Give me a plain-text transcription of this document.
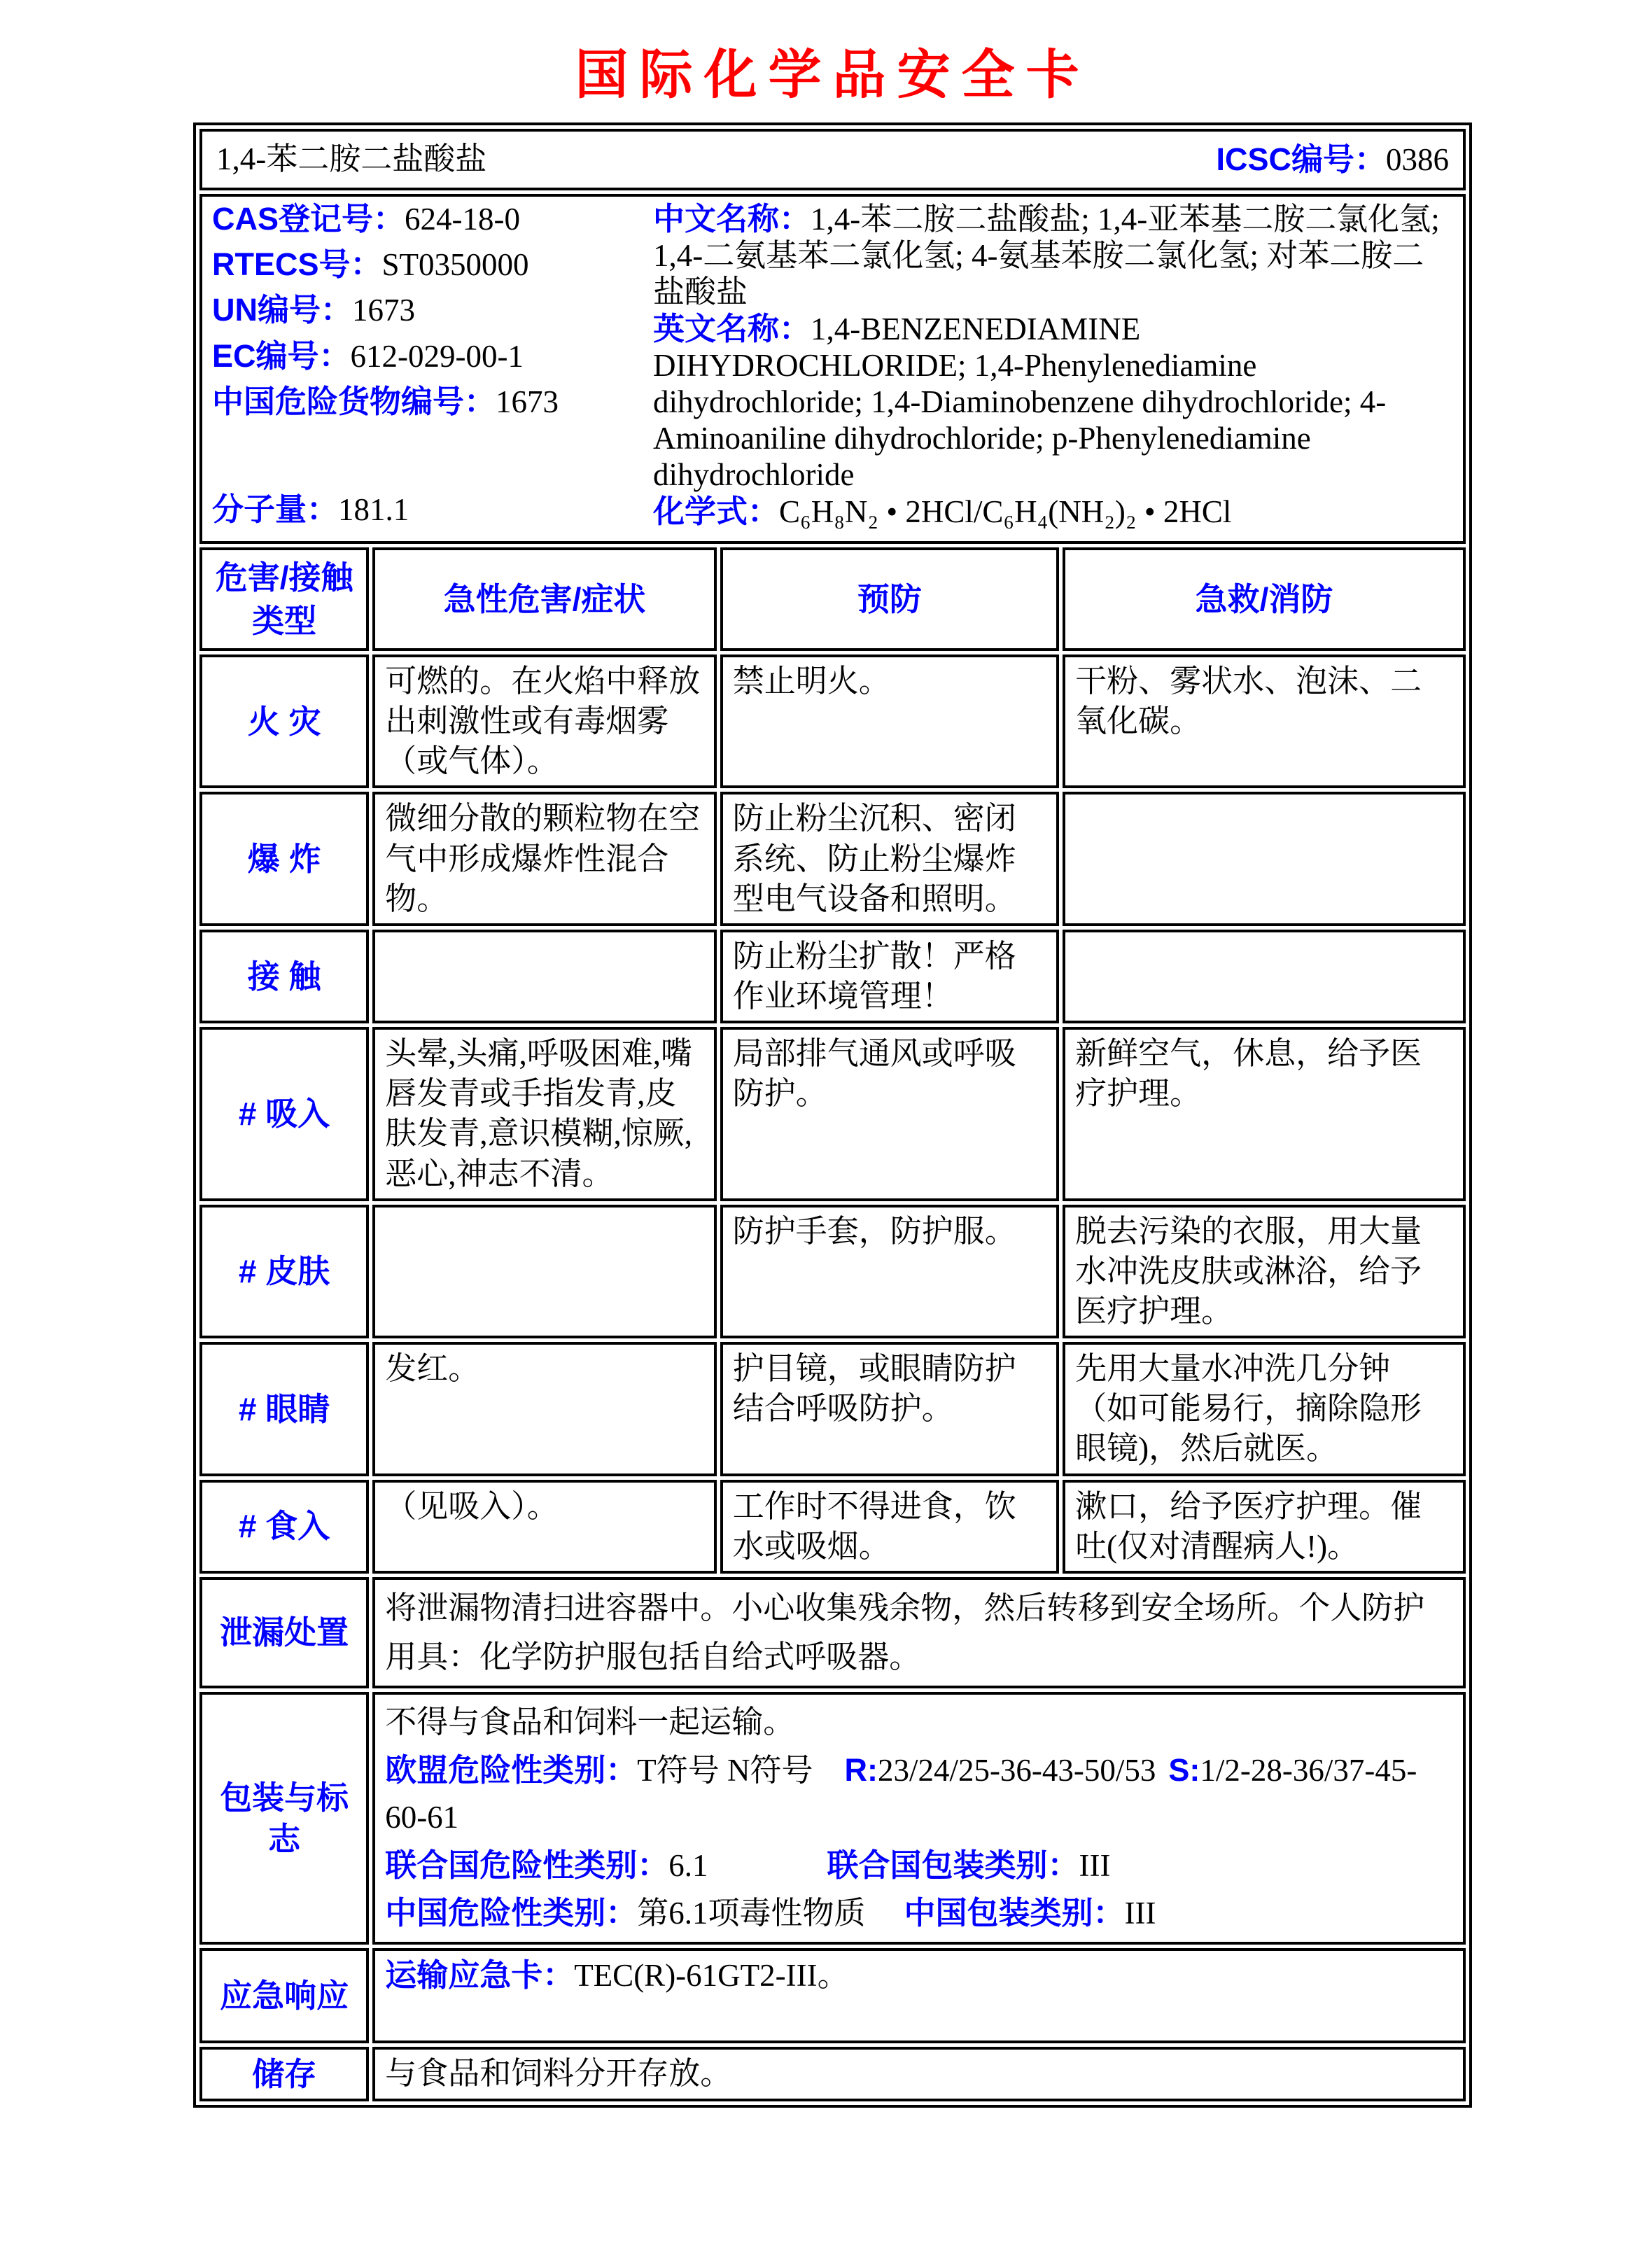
国际化学品安全卡
1,4-苯二胺二盐酸盐 ICSC编号：0386			

CAS登记号：624-18-0
RTECS号：ST0350000
UN编号：1673
EC编号：612-029-00-1
中国危险货物编号：1673
分子量：181.1
中文名称：1,4-苯二胺二盐酸盐; 1,4-亚苯基二胺二氯化氢; 1,4-二氨基苯二氯化氢; 4-氨基苯胺二氯化氢; 对苯二胺二盐酸盐
英文名称：1,4-BENZENEDIAMINE DIHYDROCHLORIDE; 1,4-Phenylenediamine dihydrochloride; 1,4-Diaminobenzene dihydrochloride; 4-Aminoaniline dihydrochloride; p-Phenylenediamine dihydrochloride
化学式：C₆H₈N₂ • 2HCl/C₆H₄(NH₂)₂ • 2HCl

危害/接触类型	急性危害/症状	预防	急救/消防
火 灾	可燃的。在火焰中释放出刺激性或有毒烟雾（或气体）。	禁止明火。	干粉、雾状水、泡沫、二氧化碳。
爆 炸	微细分散的颗粒物在空气中形成爆炸性混合物。	防止粉尘沉积、密闭系统、防止粉尘爆炸型电气设备和照明。	
接 触		防止粉尘扩散！严格作业环境管理！	
# 吸入	头晕,头痛,呼吸困难,嘴唇发青或手指发青,皮肤发青,意识模糊,惊厥,恶心,神志不清。	局部排气通风或呼吸防护。	新鲜空气，休息，给予医疗护理。
# 皮肤		防护手套，防护服。	脱去污染的衣服，用大量水冲洗皮肤或淋浴，给予医疗护理。
# 眼睛	发红。	护目镜，或眼睛防护结合呼吸防护。	先用大量水冲洗几分钟（如可能易行，摘除隐形眼镜)，然后就医。
# 食入	（见吸入）。	工作时不得进食，饮水或吸烟。	漱口，给予医疗护理。催吐(仅对清醒病人!)。
泄漏处置	将泄漏物清扫进容器中。小心收集残余物，然后转移到安全场所。个人防护用具：化学防护服包括自给式呼吸器。		
包装与标志	不得与食品和饲料一起运输。
欧盟危险性类别：T符号 N符号 R:23/24/25-36-43-50/53 S:1/2-28-36/37-45-60-61
联合国危险性类别：6.1 联合国包装类别：III
中国危险性类别：第6.1项毒性物质 中国包装类别：III		

应急响应	运输应急卡：TEC(R)-61GT2-III。		
储存	与食品和饲料分开存放。		
